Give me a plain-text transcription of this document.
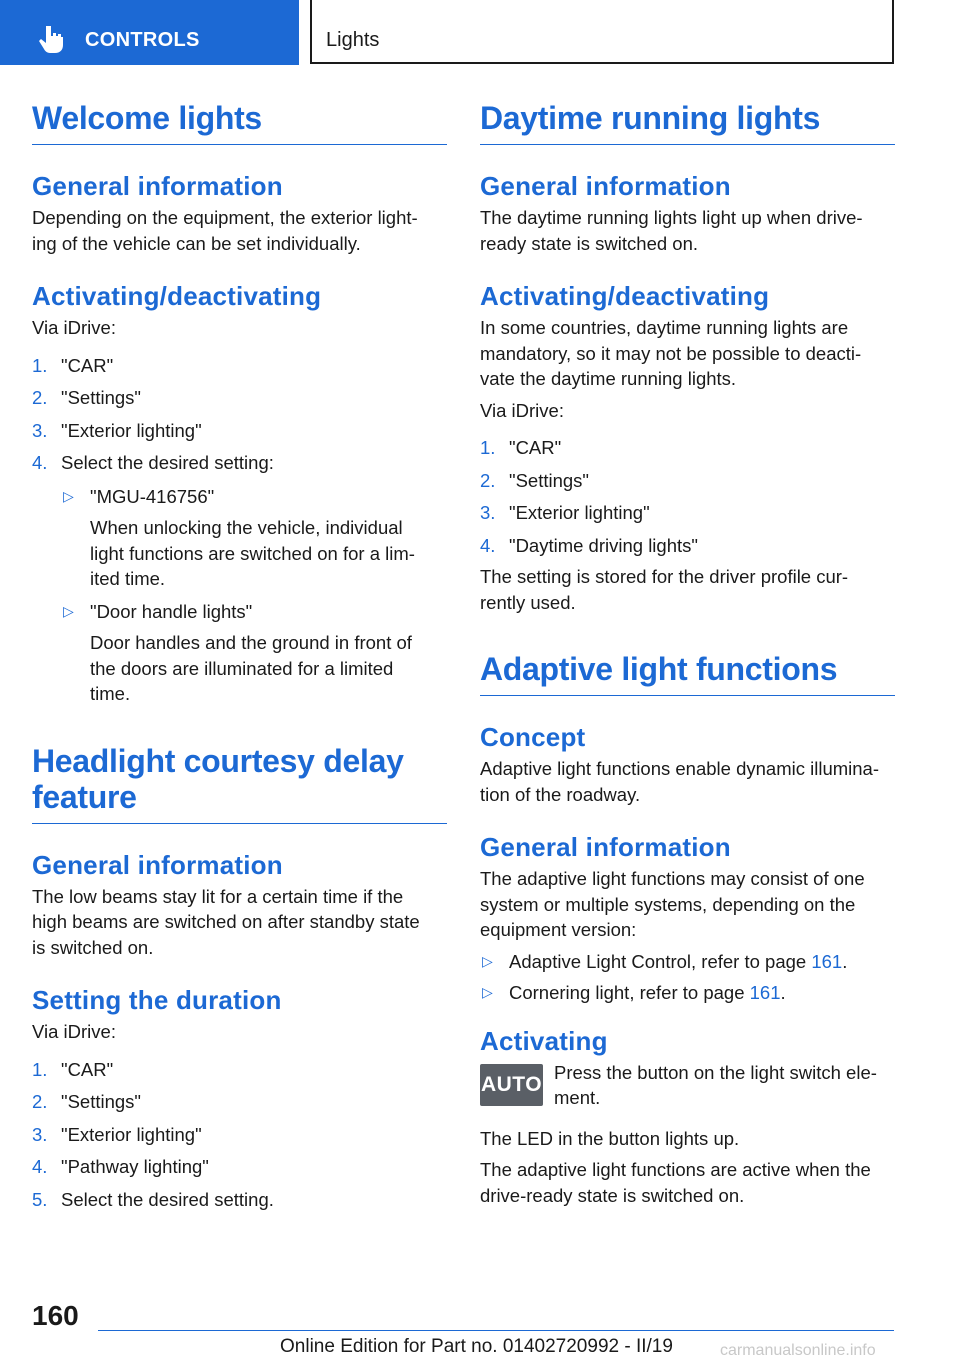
CONTROLS	Lights
Welcome lights
General information

Depending on the equipment, the exterior light‐

ing of the vehicle can be set individually.

Activating/deactivating

Via iDrive:

1. "CAR"
2. "Settings"
3. "Exterior lighting"
4. Select the desired setting:
▷ "MGU-416756"
When unlocking the vehicle, individual
light functions are switched on for a lim‐
ited time.
▷ "Door handle lights"
Door handles and the ground in front of
the doors are illuminated for a limited
time.
Headlight courtesy delay
feature
General information

The low beams stay lit for a certain time if the

high beams are switched on after standby state

is switched on.

Setting the duration

Via iDrive:

1. "CAR"
2. "Settings"
3. "Exterior lighting"
4. "Pathway lighting"
5. Select the desired setting.
Daytime running lights
General information

The daytime running lights light up when drive‐

ready state is switched on.

Activating/deactivating

In some countries, daytime running lights are

mandatory, so it may not be possible to deacti‐

vate the daytime running lights.

Via iDrive:

1. "CAR"
2. "Settings"
3. "Exterior lighting"
4. "Daytime driving lights"

The setting is stored for the driver profile cur‐

rently used.

Adaptive light functions
Concept

Adaptive light functions enable dynamic illumina‐

tion of the roadway.

General information

The adaptive light functions may consist of one

system or multiple systems, depending on the

equipment version:

▷ Adaptive Light Control, refer to page 161.
▷ Cornering light, refer to page 161.
Activating
AUTO

Press the button on the light switch ele‐

ment.

The LED in the button lights up.

The adaptive light functions are active when the

drive-ready state is switched on.

160
Online Edition for Part no. 01402720992 - II/19	carmanualsonline.info
